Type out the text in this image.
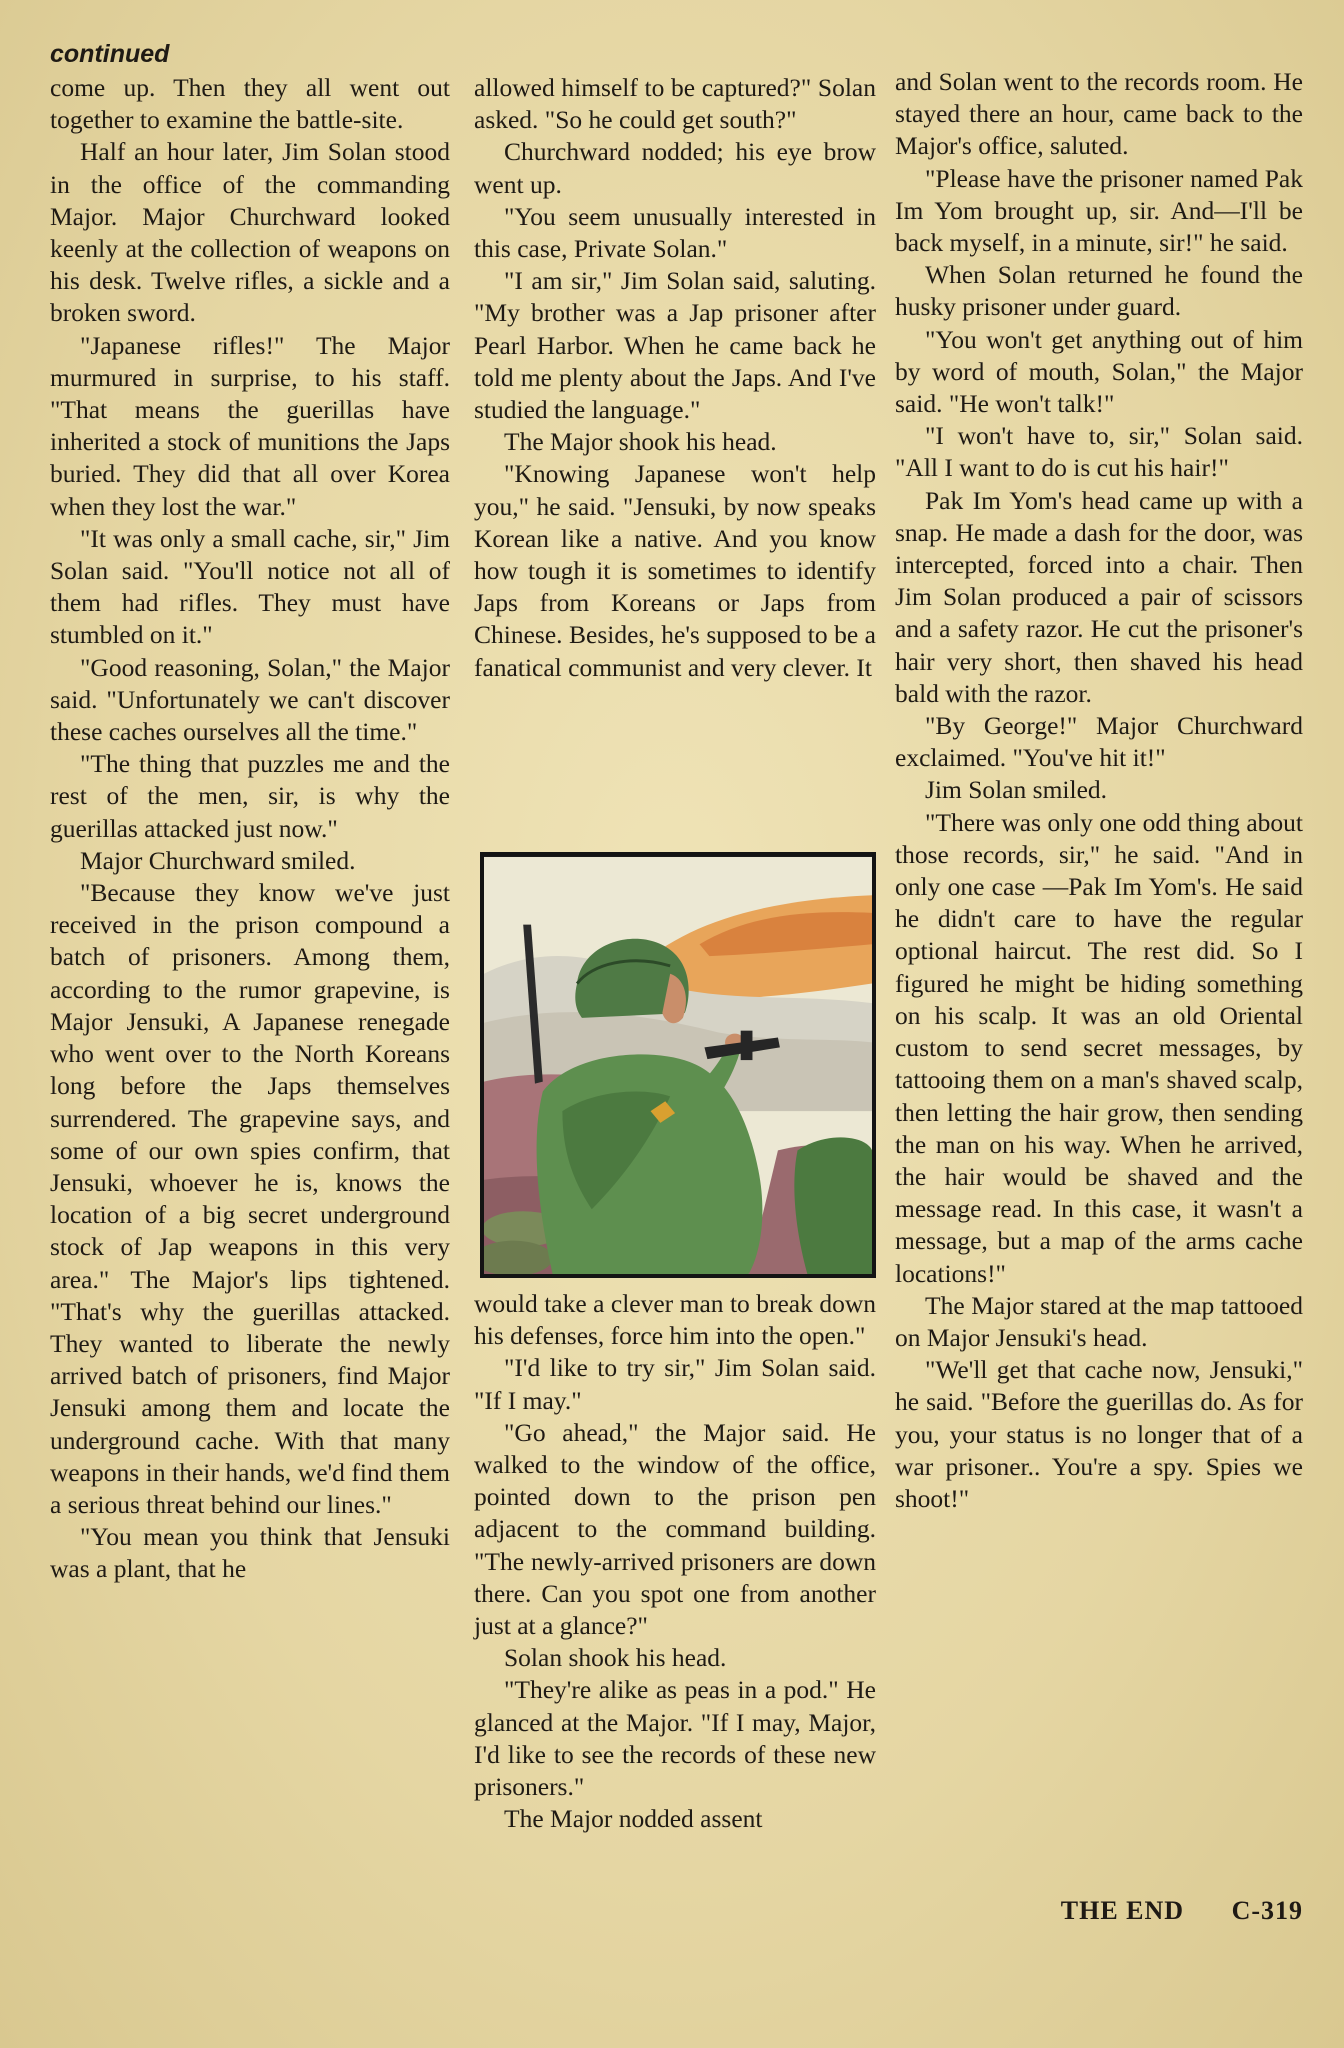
continued

come up. Then they all went out together to examine the battle-site.

Half an hour later, Jim Solan stood in the office of the commanding Major. Major Churchward looked keenly at the collection of weapons on his desk. Twelve rifles, a sickle and a broken sword.

"Japanese rifles!" The Major murmured in surprise, to his staff. "That means the guerillas have inherited a stock of munitions the Japs buried. They did that all over Korea when they lost the war."

"It was only a small cache, sir," Jim Solan said. "You'll notice not all of them had rifles. They must have stumbled on it."

"Good reasoning, Solan," the Major said. "Unfortunately we can't discover these caches ourselves all the time."

"The thing that puzzles me and the rest of the men, sir, is why the guerillas attacked just now."

Major Churchward smiled.

"Because they know we've just received in the prison compound a batch of prisoners. Among them, according to the rumor grapevine, is Major Jensuki, A Japanese renegade who went over to the North Koreans long before the Japs themselves surrendered. The grapevine says, and some of our own spies confirm, that Jensuki, whoever he is, knows the location of a big secret underground stock of Jap weapons in this very area." The Major's lips tightened. "That's why the guerillas attacked. They wanted to liberate the newly arrived batch of prisoners, find Major Jensuki among them and locate the underground cache. With that many weapons in their hands, we'd find them a serious threat behind our lines."

"You mean you think that Jensuki was a plant, that he

allowed himself to be captured?" Solan asked. "So he could get south?"

Churchward nodded; his eye brow went up.

"You seem unusually interested in this case, Private Solan."

"I am sir," Jim Solan said, saluting. "My brother was a Jap prisoner after Pearl Harbor. When he came back he told me plenty about the Japs. And I've studied the language."

The Major shook his head.

"Knowing Japanese won't help you," he said. "Jensuki, by now speaks Korean like a native. And you know how tough it is sometimes to identify Japs from Koreans or Japs from Chinese. Besides, he's supposed to be a fanatical communist and very clever. It

would take a clever man to break down his defenses, force him into the open."

"I'd like to try sir," Jim Solan said. "If I may."

"Go ahead," the Major said. He walked to the window of the office, pointed down to the prison pen adjacent to the command building. "The newly-arrived prisoners are down there. Can you spot one from another just at a glance?"

Solan shook his head.

"They're alike as peas in a pod." He glanced at the Major. "If I may, Major, I'd like to see the records of these new prisoners."

The Major nodded assent

and Solan went to the records room. He stayed there an hour, came back to the Major's office, saluted.

"Please have the prisoner named Pak Im Yom brought up, sir. And—I'll be back myself, in a minute, sir!" he said.

When Solan returned he found the husky prisoner under guard.

"You won't get anything out of him by word of mouth, Solan," the Major said. "He won't talk!"

"I won't have to, sir," Solan said. "All I want to do is cut his hair!"

Pak Im Yom's head came up with a snap. He made a dash for the door, was intercepted, forced into a chair. Then Jim Solan produced a pair of scissors and a safety razor. He cut the prisoner's hair very short, then shaved his head bald with the razor.

"By George!" Major Churchward exclaimed. "You've hit it!"

Jim Solan smiled.

"There was only one odd thing about those records, sir," he said. "And in only one case —Pak Im Yom's. He said he didn't care to have the regular optional haircut. The rest did. So I figured he might be hiding something on his scalp. It was an old Oriental custom to send secret messages, by tattooing them on a man's shaved scalp, then letting the hair grow, then sending the man on his way. When he arrived, the hair would be shaved and the message read. In this case, it wasn't a message, but a map of the arms cache locations!"

The Major stared at the map tattooed on Major Jensuki's head.

"We'll get that cache now, Jensuki," he said. "Before the guerillas do. As for you, your status is no longer that of a war prisoner.. You're a spy. Spies we shoot!"

THE END C-319
